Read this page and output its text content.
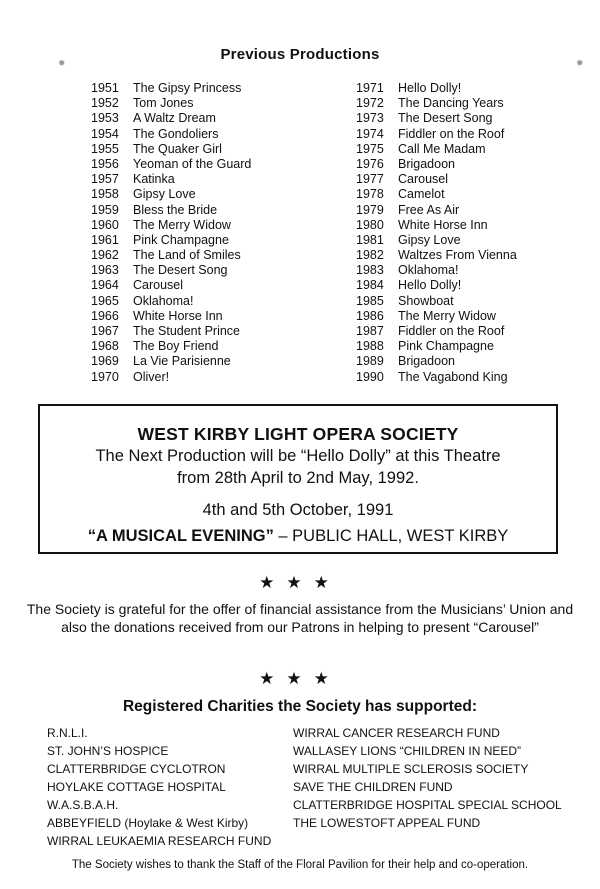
✹	✹
Previous Productions
1951 The Gipsy Princess
1952 Tom Jones
1953 A Waltz Dream
1954 The Gondoliers
1955 The Quaker Girl
1956 Yeoman of the Guard
1957 Katinka
1958 Gipsy Love
1959 Bless the Bride
1960 The Merry Widow
1961 Pink Champagne
1962 The Land of Smiles
1963 The Desert Song
1964 Carousel
1965 Oklahoma!
1966 White Horse Inn
1967 The Student Prince
1968 The Boy Friend
1969 La Vie Parisienne
1970 Oliver!
1971 Hello Dolly!
1972 The Dancing Years
1973 The Desert Song
1974 Fiddler on the Roof
1975 Call Me Madam
1976 Brigadoon
1977 Carousel
1978 Camelot
1979 Free As Air
1980 White Horse Inn
1981 Gipsy Love
1982 Waltzes From Vienna
1983 Oklahoma!
1984 Hello Dolly!
1985 Showboat
1986 The Merry Widow
1987 Fiddler on the Roof
1988 Pink Champagne
1989 Brigadoon
1990 The Vagabond King
WEST KIRBY LIGHT OPERA SOCIETY
The Next Production will be “Hello Dolly” at this Theatre
from 28th April to 2nd May, 1992.
4th and 5th October, 1991
“A MUSICAL EVENING” – PUBLIC HALL, WEST KIRBY
★★★
The Society is grateful for the offer of financial assistance from the Musicians’ Union and also the donations received from our Patrons in helping to present “Carousel”
★★★
Registered Charities the Society has supported:
R.N.L.I.
ST. JOHN’S HOSPICE
CLATTERBRIDGE CYCLOTRON
HOYLAKE COTTAGE HOSPITAL
W.A.S.B.A.H.
ABBEYFIELD (Hoylake & West Kirby)
WIRRAL LEUKAEMIA RESEARCH FUND
WIRRAL CANCER RESEARCH FUND
WALLASEY LIONS “CHILDREN IN NEED”
WIRRAL MULTIPLE SCLEROSIS SOCIETY
SAVE THE CHILDREN FUND
CLATTERBRIDGE HOSPITAL SPECIAL SCHOOL
THE LOWESTOFT APPEAL FUND
The Society wishes to thank the Staff of the Floral Pavilion for their help and co-operation.
